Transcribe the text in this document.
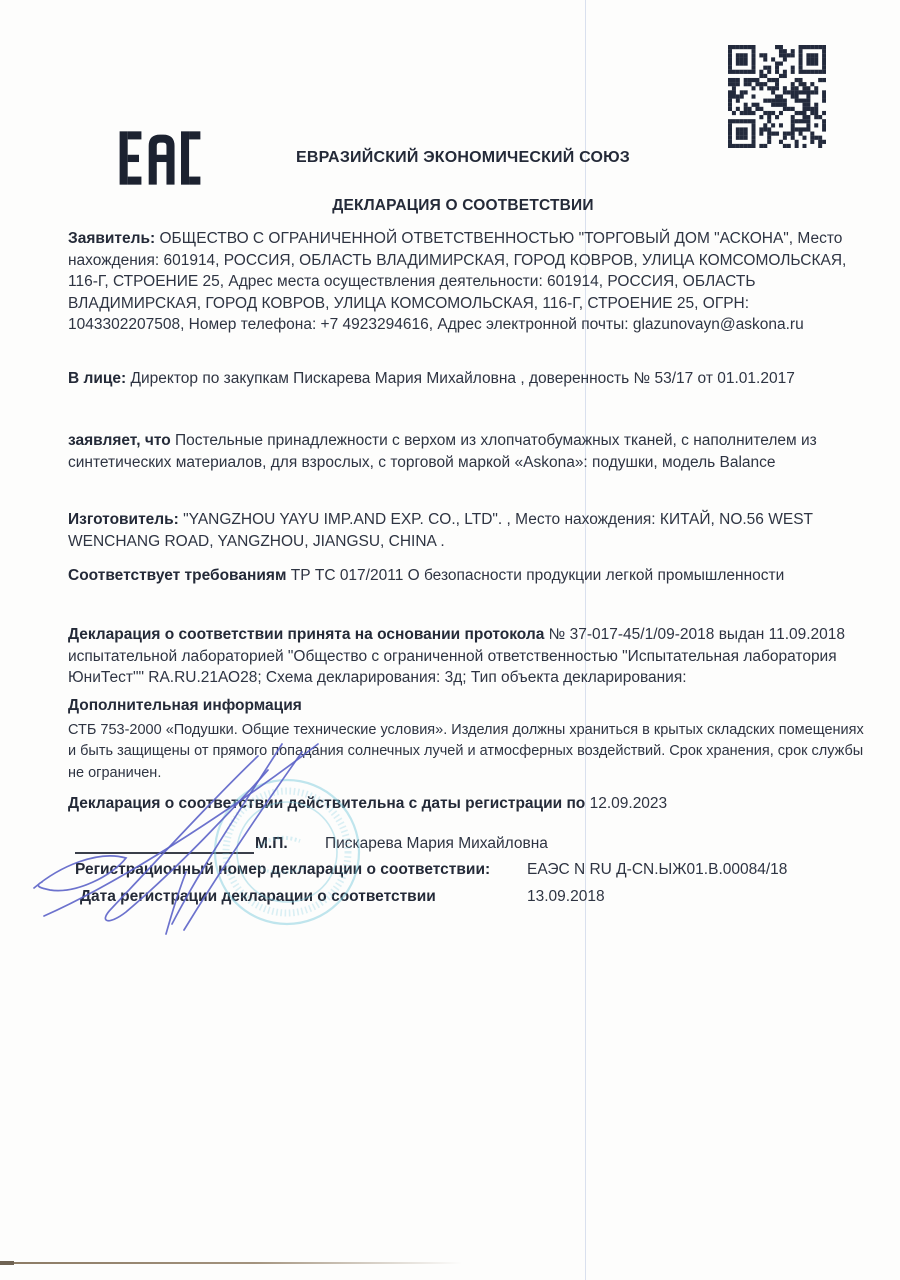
ЕВРАЗИЙСКИЙ ЭКОНОМИЧЕСКИЙ СОЮЗ
ДЕКЛАРАЦИЯ О СООТВЕТСТВИИ

Заявитель: ОБЩЕСТВО С ОГРАНИЧЕННОЙ ОТВЕТСТВЕННОСТЬЮ "ТОРГОВЫЙ ДОМ "АСКОНА", Место нахождения: 601914, РОССИЯ, ОБЛАСТЬ ВЛАДИМИРСКАЯ, ГОРОД КОВРОВ, УЛИЦА КОМСОМОЛЬСКАЯ, 116-Г, СТРОЕНИЕ 25, Адрес места осуществления деятельности: 601914, РОССИЯ, ОБЛАСТЬ ВЛАДИМИРСКАЯ, ГОРОД КОВРОВ, УЛИЦА КОМСОМОЛЬСКАЯ, 116-Г, СТРОЕНИЕ 25, ОГРН: 1043302207508, Номер телефона: +7 4923294616, Адрес электронной почты: glazunovayn@askona.ru

В лице: Директор по закупкам Пискарева Мария Михайловна , доверенность № 53/17 от 01.01.2017

заявляет, что Постельные принадлежности с верхом из хлопчатобумажных тканей, с наполнителем из синтетических материалов, для взрослых, с торговой маркой «Askona»: подушки, модель Balance

Изготовитель: "YANGZHOU YAYU IMP.AND EXP. CO., LTD". , Место нахождения: КИТАЙ, NO.56 WEST WENCHANG ROAD, YANGZHOU, JIANGSU, CHINA .

Соответствует требованиям ТР ТС 017/2011 О безопасности продукции легкой промышленности

Декларация о соответствии принята на основании протокола № 37-017-45/1/09-2018 выдан 11.09.2018 испытательной лабораторией "Общество с ограниченной ответственностью "Испытательная лаборатория ЮниТест"" RA.RU.21АО28; Схема декларирования: 3д; Тип объекта декларирования:

Дополнительная информация
СТБ 753-2000 «Подушки. Общие технические условия». Изделия должны храниться в крытых складских помещениях и быть защищены от прямого попадания солнечных лучей и атмосферных воздействий. Срок хранения, срок службы не ограничен.

Декларация о соответствии действительна с даты регистрации по 12.09.2023

М.П. Пискарева Мария Михайловна
Регистрационный номер декларации о соответствии: ЕАЭС N RU Д-CN.ЫЖ01.В.00084/18
Дата регистрации декларации о соответствии	13.09.2018
